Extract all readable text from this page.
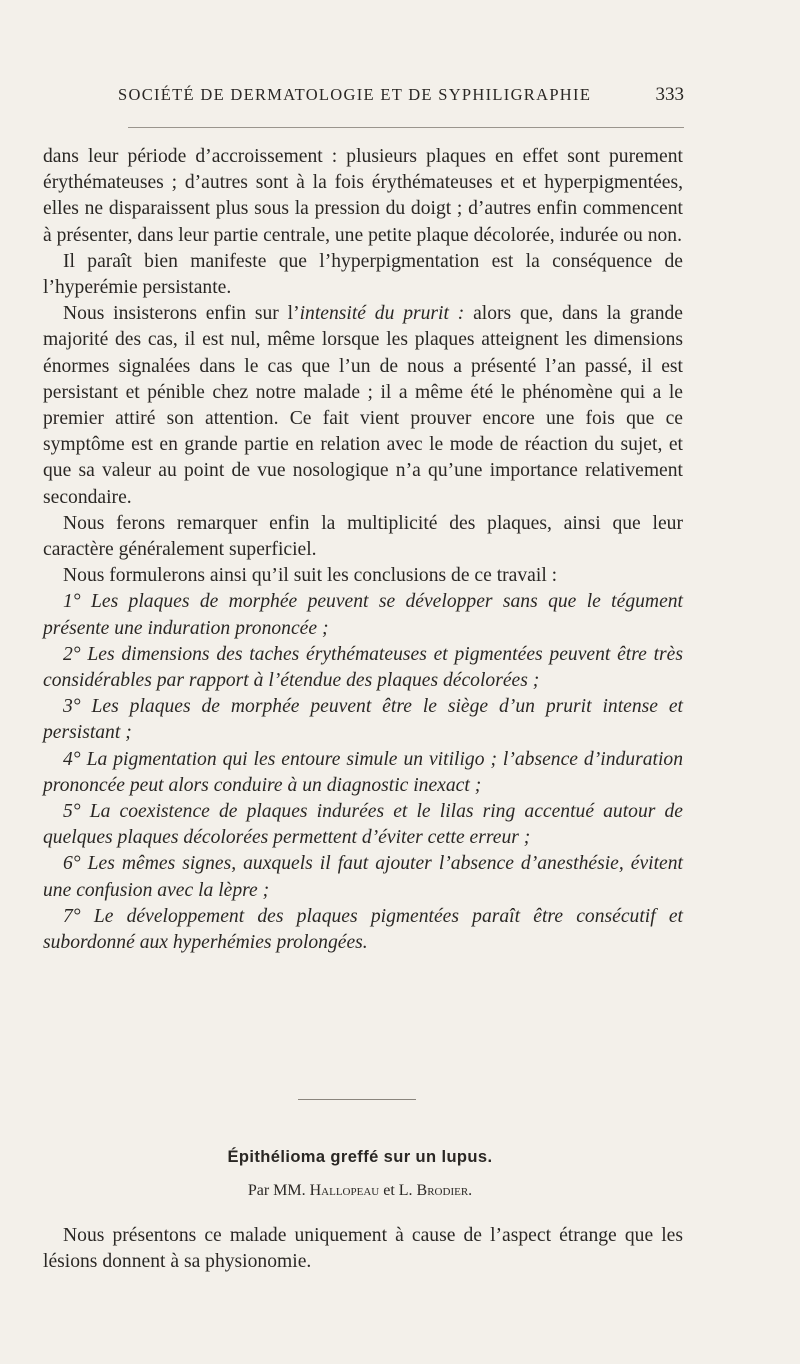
SOCIÉTÉ DE DERMATOLOGIE ET DE SYPHILIGRAPHIE	333

dans leur période d’accroissement : plusieurs plaques en effet sont purement érythémateuses ; d’autres sont à la fois érythémateuses et et hyperpigmentées, elles ne disparaissent plus sous la pression du doigt ; d’autres enfin commencent à présenter, dans leur partie centrale, une petite plaque décolorée, indurée ou non.

Il paraît bien manifeste que l’hyperpigmentation est la conséquence de l’hyperémie persistante.

Nous insisterons enfin sur l’intensité du prurit : alors que, dans la grande majorité des cas, il est nul, même lorsque les plaques atteignent les dimensions énormes signalées dans le cas que l’un de nous a présenté l’an passé, il est persistant et pénible chez notre malade ; il a même été le phénomène qui a le premier attiré son attention. Ce fait vient prouver encore une fois que ce symptôme est en grande partie en relation avec le mode de réaction du sujet, et que sa valeur au point de vue nosologique n’a qu’une importance relativement secondaire.

Nous ferons remarquer enfin la multiplicité des plaques, ainsi que leur caractère généralement superficiel.

Nous formulerons ainsi qu’il suit les conclusions de ce travail :

1° Les plaques de morphée peuvent se développer sans que le tégument présente une induration prononcée ;

2° Les dimensions des taches érythémateuses et pigmentées peuvent être très considérables par rapport à l’étendue des plaques décolorées ;

3° Les plaques de morphée peuvent être le siège d’un prurit intense et persistant ;

4° La pigmentation qui les entoure simule un vitiligo ; l’absence d’induration prononcée peut alors conduire à un diagnostic inexact ;

5° La coexistence de plaques indurées et le lilas ring accentué autour de quelques plaques décolorées permettent d’éviter cette erreur ;

6° Les mêmes signes, auxquels il faut ajouter l’absence d’anesthésie, évitent une confusion avec la lèpre ;

7° Le développement des plaques pigmentées paraît être consécutif et subordonné aux hyperhémies prolongées.

Épithélioma greffé sur un lupus.
Par MM. Hallopeau et L. Brodier.

Nous présentons ce malade uniquement à cause de l’aspect étrange que les lésions donnent à sa physionomie.
